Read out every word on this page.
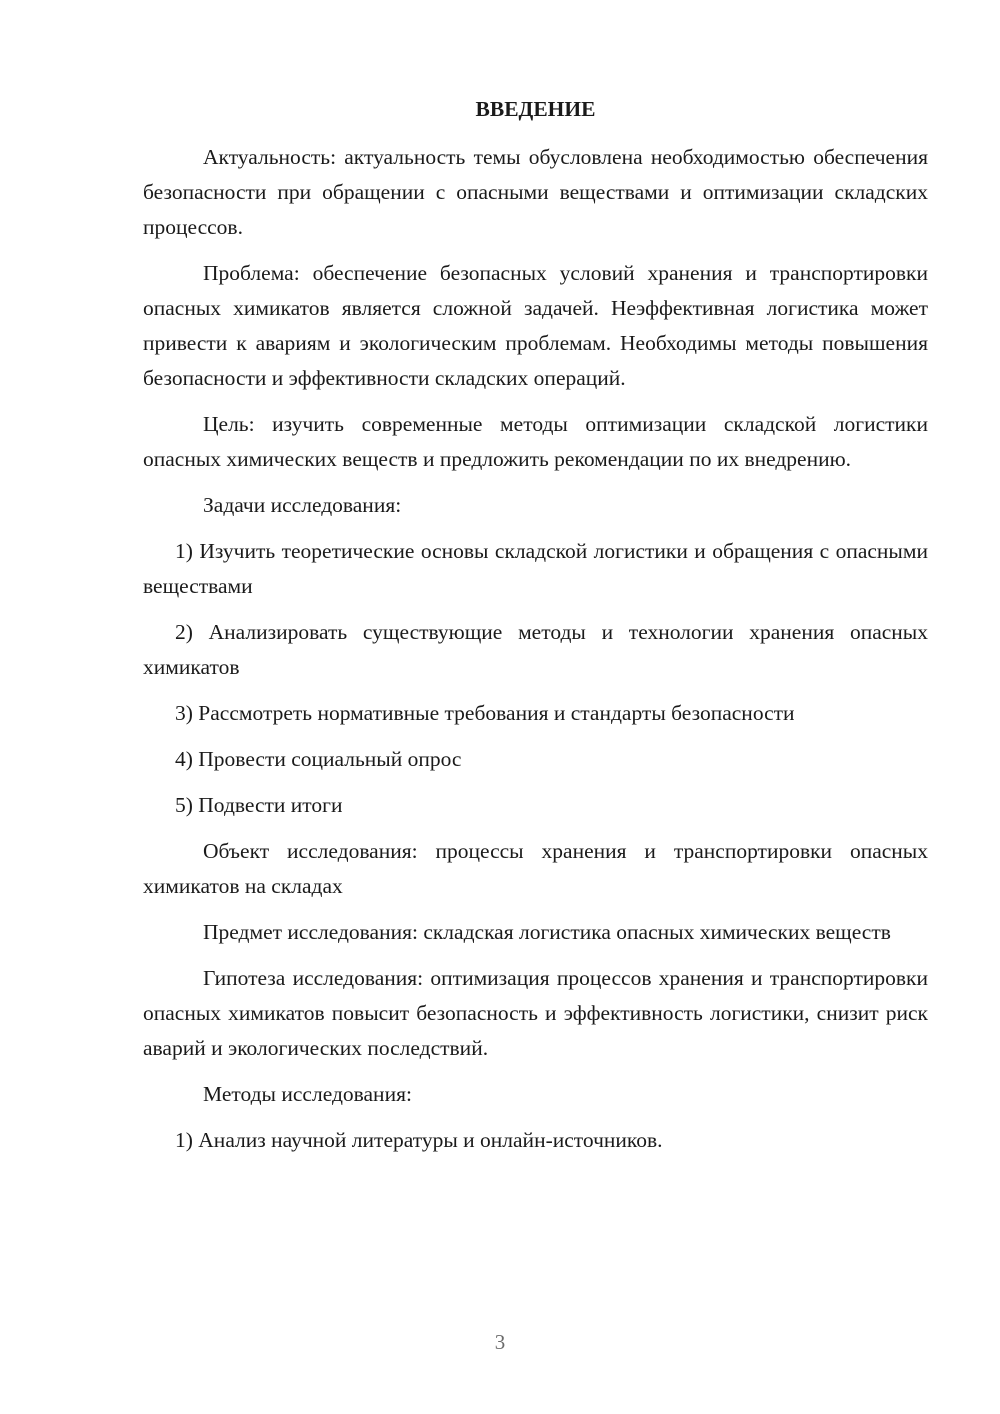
ВВЕДЕНИЕ

Актуальность: актуальность темы обусловлена необходимостью обеспечения безопасности при обращении с опасными веществами и оптимизации складских процессов.

Проблема: обеспечение безопасных условий хранения и транспортировки опасных химикатов является сложной задачей. Неэффективная логистика может привести к авариям и экологическим проблемам. Необходимы методы повышения безопасности и эффективности складских операций.

Цель: изучить современные методы оптимизации складской логистики опасных химических веществ и предложить рекомендации по их внедрению.

Задачи исследования:

1) Изучить теоретические основы складской логистики и обращения с опасными веществами

2) Анализировать существующие методы и технологии хранения опасных химикатов

3) Рассмотреть нормативные требования и стандарты безопасности

4) Провести социальный опрос

5) Подвести итоги

Объект исследования: процессы хранения и транспортировки опасных химикатов на складах

Предмет исследования: складская логистика опасных химических веществ

Гипотеза исследования: оптимизация процессов хранения и транспортировки опасных химикатов повысит безопасность и эффективность логистики, снизит риск аварий и экологических последствий.

Методы исследования:

1) Анализ научной литературы и онлайн-источников.

3
